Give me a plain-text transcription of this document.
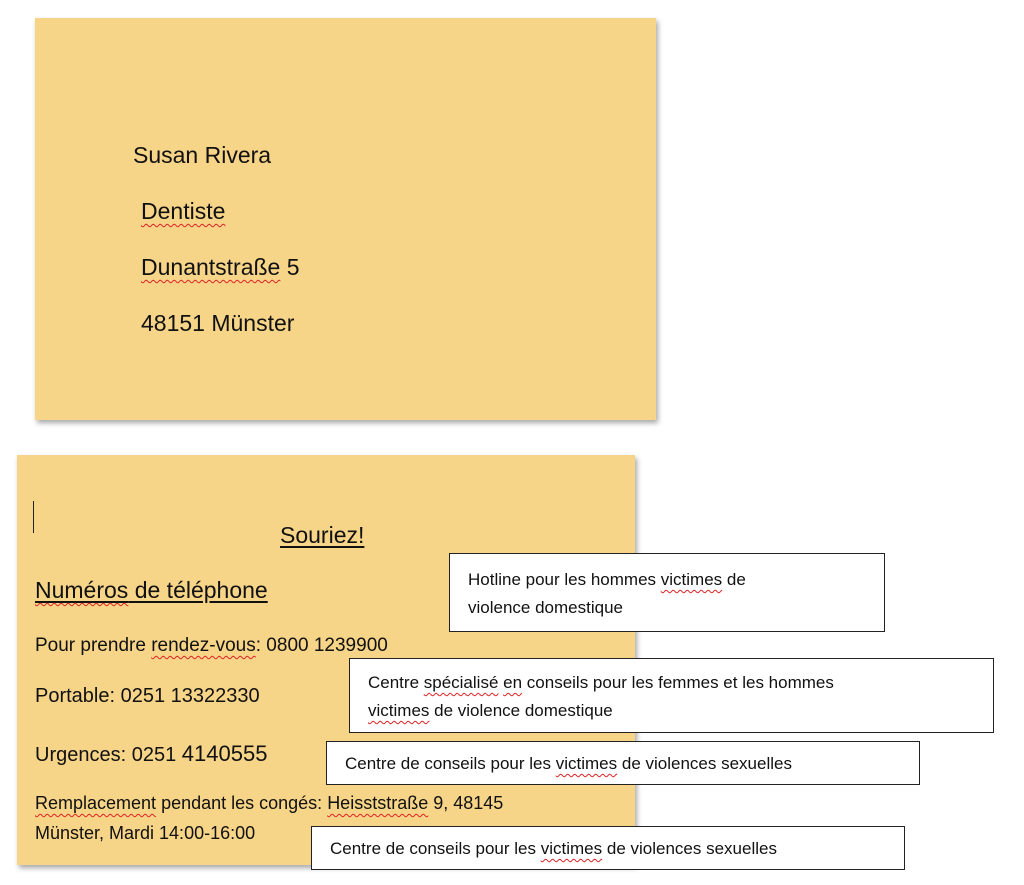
Susan Rivera
Dentiste
Dunantstraße 5
48151 Münster
Souriez!
Numéros de téléphone
Pour prendre rendez-vous: 0800 1239900
Portable: 0251 13322330
Urgences: 0251 4140555
Remplacement pendant les congés: Heisststraße 9, 48145
Münster, Mardi 14:00-16:00
Hotline pour les hommes victimes de
violence domestique
Centre spécialisé en conseils pour les femmes et les hommes
victimes de violence domestique
Centre de conseils pour les victimes de violences sexuelles
Centre de conseils pour les victimes de violences sexuelles
